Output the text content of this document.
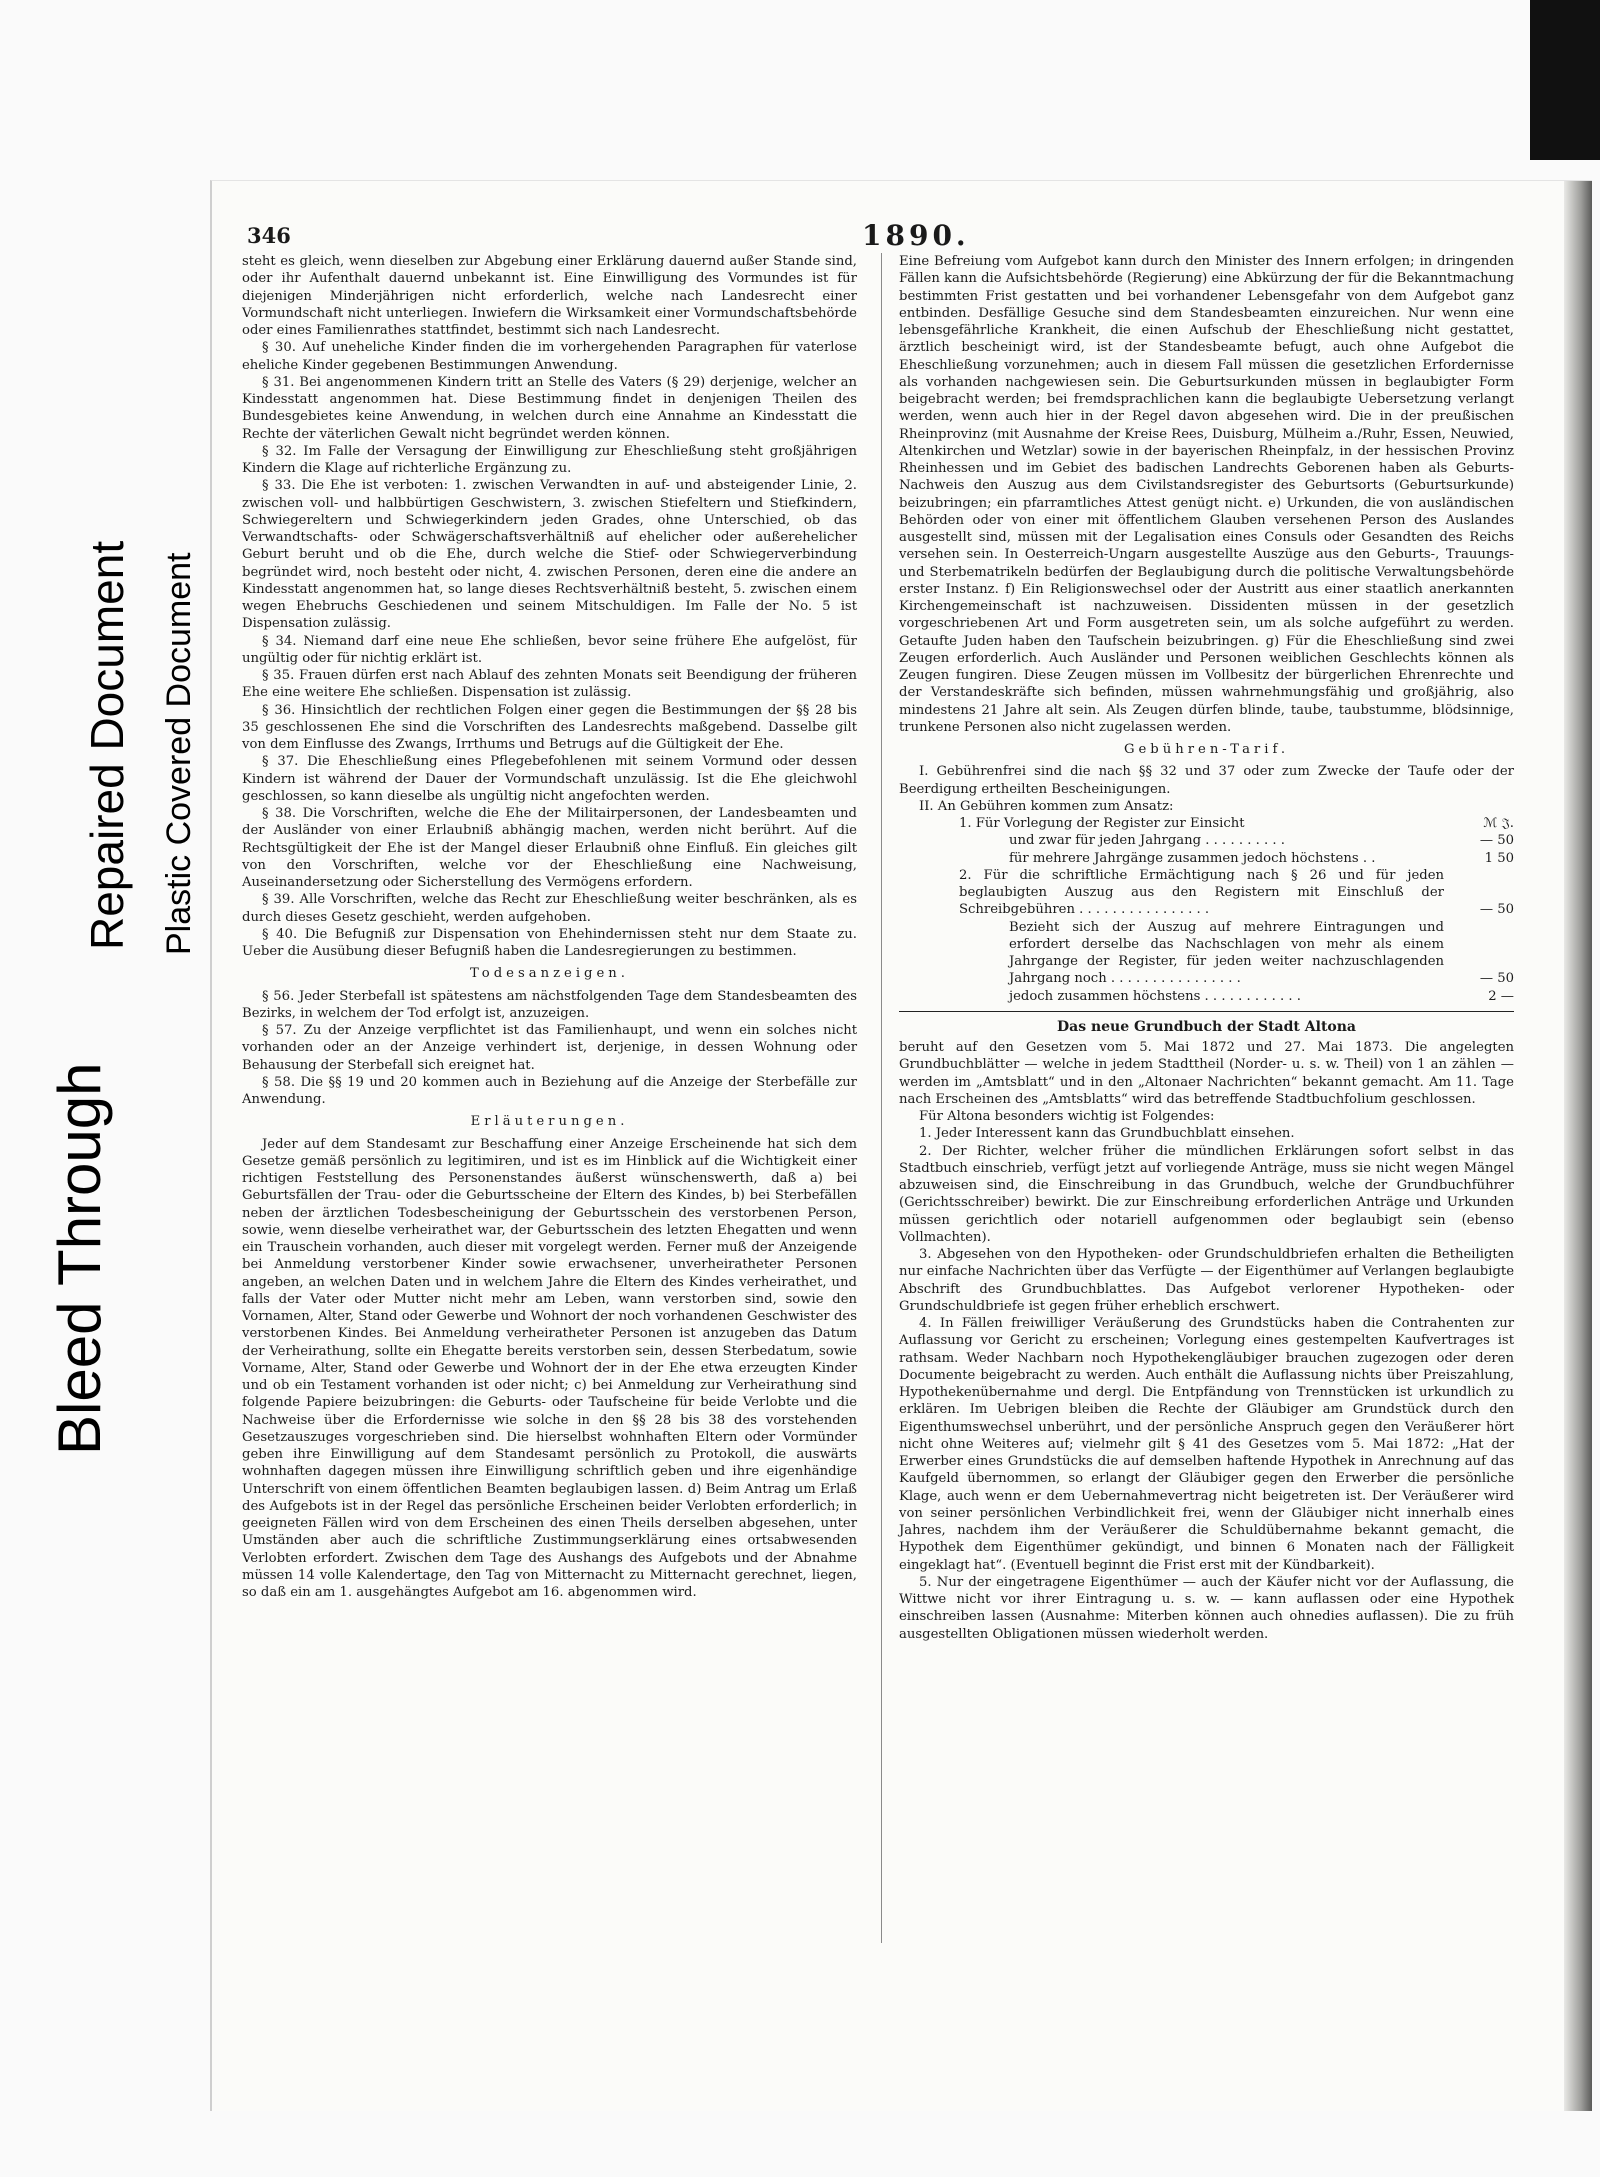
Bleed Through
Repaired Document Plastic Covered Document
346	1890.

steht es gleich, wenn dieselben zur Abgebung einer Erklärung dauernd außer Stande sind, oder ihr Aufenthalt dauernd unbekannt ist. Eine Einwilligung des Vormundes ist für diejenigen Minderjährigen nicht erforderlich, welche nach Landesrecht einer Vormundschaft nicht unterliegen. Inwiefern die Wirksamkeit einer Vormundschaftsbehörde oder eines Familienrathes stattfindet, bestimmt sich nach Landesrecht.

§ 30. Auf uneheliche Kinder finden die im vorhergehenden Paragraphen für vaterlose eheliche Kinder gegebenen Bestimmungen Anwendung.

§ 31. Bei angenommenen Kindern tritt an Stelle des Vaters (§ 29) derjenige, welcher an Kindesstatt angenommen hat. Diese Bestimmung findet in denjenigen Theilen des Bundesgebietes keine Anwendung, in welchen durch eine Annahme an Kindesstatt die Rechte der väterlichen Gewalt nicht begründet werden können.

§ 32. Im Falle der Versagung der Einwilligung zur Eheschließung steht großjährigen Kindern die Klage auf richterliche Ergänzung zu.

§ 33. Die Ehe ist verboten: 1. zwischen Verwandten in auf- und absteigender Linie, 2. zwischen voll- und halbbürtigen Geschwistern, 3. zwischen Stiefeltern und Stiefkindern, Schwiegereltern und Schwiegerkindern jeden Grades, ohne Unterschied, ob das Verwandtschafts- oder Schwägerschaftsverhältniß auf ehelicher oder außerehelicher Geburt beruht und ob die Ehe, durch welche die Stief- oder Schwiegerverbindung begründet wird, noch besteht oder nicht, 4. zwischen Personen, deren eine die andere an Kindesstatt angenommen hat, so lange dieses Rechtsverhältniß besteht, 5. zwischen einem wegen Ehebruchs Geschiedenen und seinem Mitschuldigen. Im Falle der No. 5 ist Dispensation zulässig.

§ 34. Niemand darf eine neue Ehe schließen, bevor seine frühere Ehe aufgelöst, für ungültig oder für nichtig erklärt ist.

§ 35. Frauen dürfen erst nach Ablauf des zehnten Monats seit Beendigung der früheren Ehe eine weitere Ehe schließen. Dispensation ist zulässig.

§ 36. Hinsichtlich der rechtlichen Folgen einer gegen die Bestimmungen der §§ 28 bis 35 geschlossenen Ehe sind die Vorschriften des Landesrechts maßgebend. Dasselbe gilt von dem Einflusse des Zwangs, Irrthums und Betrugs auf die Gültigkeit der Ehe.

§ 37. Die Eheschließung eines Pflegebefohlenen mit seinem Vormund oder dessen Kindern ist während der Dauer der Vormundschaft unzulässig. Ist die Ehe gleichwohl geschlossen, so kann dieselbe als ungültig nicht angefochten werden.

§ 38. Die Vorschriften, welche die Ehe der Militairpersonen, der Landesbeamten und der Ausländer von einer Erlaubniß abhängig machen, werden nicht berührt. Auf die Rechtsgültigkeit der Ehe ist der Mangel dieser Erlaubniß ohne Einfluß. Ein gleiches gilt von den Vorschriften, welche vor der Eheschließung eine Nachweisung, Auseinandersetzung oder Sicherstellung des Vermögens erfordern.

§ 39. Alle Vorschriften, welche das Recht zur Eheschließung weiter beschränken, als es durch dieses Gesetz geschieht, werden aufgehoben.

§ 40. Die Befugniß zur Dispensation von Ehehindernissen steht nur dem Staate zu. Ueber die Ausübung dieser Befugniß haben die Landesregierungen zu bestimmen.

Todesanzeigen.

§ 56. Jeder Sterbefall ist spätestens am nächstfolgenden Tage dem Standesbeamten des Bezirks, in welchem der Tod erfolgt ist, anzuzeigen.

§ 57. Zu der Anzeige verpflichtet ist das Familienhaupt, und wenn ein solches nicht vorhanden oder an der Anzeige verhindert ist, derjenige, in dessen Wohnung oder Behausung der Sterbefall sich ereignet hat.

§ 58. Die §§ 19 und 20 kommen auch in Beziehung auf die Anzeige der Sterbefälle zur Anwendung.

Erläuterungen.

Jeder auf dem Standesamt zur Beschaffung einer Anzeige Erscheinende hat sich dem Gesetze gemäß persönlich zu legitimiren, und ist es im Hinblick auf die Wichtigkeit einer richtigen Feststellung des Personenstandes äußerst wünschenswerth, daß a) bei Geburtsfällen der Trau- oder die Geburtsscheine der Eltern des Kindes, b) bei Sterbefällen neben der ärztlichen Todesbescheinigung der Geburtsschein des verstorbenen Person, sowie, wenn dieselbe verheirathet war, der Geburtsschein des letzten Ehegatten und wenn ein Trauschein vorhanden, auch dieser mit vorgelegt werden. Ferner muß der Anzeigende bei Anmeldung verstorbener Kinder sowie erwachsener, unverheiratheter Personen angeben, an welchen Daten und in welchem Jahre die Eltern des Kindes verheirathet, und falls der Vater oder Mutter nicht mehr am Leben, wann verstorben sind, sowie den Vornamen, Alter, Stand oder Gewerbe und Wohnort der noch vorhandenen Geschwister des verstorbenen Kindes. Bei Anmeldung verheiratheter Personen ist anzugeben das Datum der Verheirathung, sollte ein Ehegatte bereits verstorben sein, dessen Sterbedatum, sowie Vorname, Alter, Stand oder Gewerbe und Wohnort der in der Ehe etwa erzeugten Kinder und ob ein Testament vorhanden ist oder nicht; c) bei Anmeldung zur Verheirathung sind folgende Papiere beizubringen: die Geburts- oder Taufscheine für beide Verlobte und die Nachweise über die Erfordernisse wie solche in den §§ 28 bis 38 des vorstehenden Gesetzauszuges vorgeschrieben sind. Die hierselbst wohnhaften Eltern oder Vormünder geben ihre Einwilligung auf dem Standesamt persönlich zu Protokoll, die auswärts wohnhaften dagegen müssen ihre Einwilligung schriftlich geben und ihre eigenhändige Unterschrift von einem öffentlichen Beamten beglaubigen lassen. d) Beim Antrag um Erlaß des Aufgebots ist in der Regel das persönliche Erscheinen beider Verlobten erforderlich; in geeigneten Fällen wird von dem Erscheinen des einen Theils derselben abgesehen, unter Umständen aber auch die schriftliche Zustimmungserklärung eines ortsabwesenden Verlobten erfordert. Zwischen dem Tage des Aushangs des Aufgebots und der Abnahme müssen 14 volle Kalendertage, den Tag von Mitternacht zu Mitternacht gerechnet, liegen, so daß ein am 1. ausgehängtes Aufgebot am 16. abgenommen wird.

Eine Befreiung vom Aufgebot kann durch den Minister des Innern erfolgen; in dringenden Fällen kann die Aufsichtsbehörde (Regierung) eine Abkürzung der für die Bekanntmachung bestimmten Frist gestatten und bei vorhandener Lebensgefahr von dem Aufgebot ganz entbinden. Desfällige Gesuche sind dem Standesbeamten einzureichen. Nur wenn eine lebensgefährliche Krankheit, die einen Aufschub der Eheschließung nicht gestattet, ärztlich bescheinigt wird, ist der Standesbeamte befugt, auch ohne Aufgebot die Eheschließung vorzunehmen; auch in diesem Fall müssen die gesetzlichen Erfordernisse als vorhanden nachgewiesen sein. Die Geburtsurkunden müssen in beglaubigter Form beigebracht werden; bei fremdsprachlichen kann die beglaubigte Uebersetzung verlangt werden, wenn auch hier in der Regel davon abgesehen wird. Die in der preußischen Rheinprovinz (mit Ausnahme der Kreise Rees, Duisburg, Mülheim a./Ruhr, Essen, Neuwied, Altenkirchen und Wetzlar) sowie in der bayerischen Rheinpfalz, in der hessischen Provinz Rheinhessen und im Gebiet des badischen Landrechts Geborenen haben als Geburts-Nachweis den Auszug aus dem Civilstandsregister des Geburtsorts (Geburtsurkunde) beizubringen; ein pfarramtliches Attest genügt nicht. e) Urkunden, die von ausländischen Behörden oder von einer mit öffentlichem Glauben versehenen Person des Auslandes ausgestellt sind, müssen mit der Legalisation eines Consuls oder Gesandten des Reichs versehen sein. In Oesterreich-Ungarn ausgestellte Auszüge aus den Geburts-, Trauungs- und Sterbematrikeln bedürfen der Beglaubigung durch die politische Verwaltungsbehörde erster Instanz. f) Ein Religionswechsel oder der Austritt aus einer staatlich anerkannten Kirchengemeinschaft ist nachzuweisen. Dissidenten müssen in der gesetzlich vorgeschriebenen Art und Form ausgetreten sein, um als solche aufgeführt zu werden. Getaufte Juden haben den Taufschein beizubringen. g) Für die Eheschließung sind zwei Zeugen erforderlich. Auch Ausländer und Personen weiblichen Geschlechts können als Zeugen fungiren. Diese Zeugen müssen im Vollbesitz der bürgerlichen Ehrenrechte und der Verstandeskräfte sich befinden, müssen wahrnehmungsfähig und großjährig, also mindestens 21 Jahre alt sein. Als Zeugen dürfen blinde, taube, taubstumme, blödsinnige, trunkene Personen also nicht zugelassen werden.

Gebühren-Tarif.

I. Gebührenfrei sind die nach §§ 32 und 37 oder zum Zwecke der Taufe oder der Beerdigung ertheilten Bescheinigungen.

II. An Gebühren kommen zum Ansatz:

1. Für Vorlegung der Register zur Einsicht	ℳ 𝔍.
und zwar für jeden Jahrgang . . . . . . . . . .	— 50
für mehrere Jahrgänge zusammen jedoch höchstens . .	1 50
2. Für die schriftliche Ermächtigung nach § 26 und für jeden beglaubigten Auszug aus den Registern mit Einschluß der Schreibgebühren . . . . . . . . . . . . . . . .	— 50
Bezieht sich der Auszug auf mehrere Eintragungen und erfordert derselbe das Nachschlagen von mehr als einem Jahrgange der Register, für jeden weiter nachzuschlagenden Jahrgang noch . . . . . . . . . . . . . . . .	— 50
jedoch zusammen höchstens . . . . . . . . . . . .	2 —

Das neue Grundbuch der Stadt Altona

beruht auf den Gesetzen vom 5. Mai 1872 und 27. Mai 1873. Die angelegten Grundbuchblätter — welche in jedem Stadttheil (Norder- u. s. w. Theil) von 1 an zählen — werden im „Amtsblatt“ und in den „Altonaer Nachrichten“ bekannt gemacht. Am 11. Tage nach Erscheinen des „Amtsblatts“ wird das betreffende Stadtbuchfolium geschlossen.

Für Altona besonders wichtig ist Folgendes:

1. Jeder Interessent kann das Grundbuchblatt einsehen.

2. Der Richter, welcher früher die mündlichen Erklärungen sofort selbst in das Stadtbuch einschrieb, verfügt jetzt auf vorliegende Anträge, muss sie nicht wegen Mängel abzuweisen sind, die Einschreibung in das Grundbuch, welche der Grundbuchführer (Gerichtsschreiber) bewirkt. Die zur Einschreibung erforderlichen Anträge und Urkunden müssen gerichtlich oder notariell aufgenommen oder beglaubigt sein (ebenso Vollmachten).

3. Abgesehen von den Hypotheken- oder Grundschuldbriefen erhalten die Betheiligten nur einfache Nachrichten über das Verfügte — der Eigenthümer auf Verlangen beglaubigte Abschrift des Grundbuchblattes. Das Aufgebot verlorener Hypotheken- oder Grundschuldbriefe ist gegen früher erheblich erschwert.

4. In Fällen freiwilliger Veräußerung des Grundstücks haben die Contrahenten zur Auflassung vor Gericht zu erscheinen; Vorlegung eines gestempelten Kaufvertrages ist rathsam. Weder Nachbarn noch Hypothekengläubiger brauchen zugezogen oder deren Documente beigebracht zu werden. Auch enthält die Auflassung nichts über Preiszahlung, Hypothekenübernahme und dergl. Die Entpfändung von Trennstücken ist urkundlich zu erklären. Im Uebrigen bleiben die Rechte der Gläubiger am Grundstück durch den Eigenthumswechsel unberührt, und der persönliche Anspruch gegen den Veräußerer hört nicht ohne Weiteres auf; vielmehr gilt § 41 des Gesetzes vom 5. Mai 1872: „Hat der Erwerber eines Grundstücks die auf demselben haftende Hypothek in Anrechnung auf das Kaufgeld übernommen, so erlangt der Gläubiger gegen den Erwerber die persönliche Klage, auch wenn er dem Uebernahmevertrag nicht beigetreten ist. Der Veräußerer wird von seiner persönlichen Verbindlichkeit frei, wenn der Gläubiger nicht innerhalb eines Jahres, nachdem ihm der Veräußerer die Schuldübernahme bekannt gemacht, die Hypothek dem Eigenthümer gekündigt, und binnen 6 Monaten nach der Fälligkeit eingeklagt hat“. (Eventuell beginnt die Frist erst mit der Kündbarkeit).

5. Nur der eingetragene Eigenthümer — auch der Käufer nicht vor der Auflassung, die Wittwe nicht vor ihrer Eintragung u. s. w. — kann auflassen oder eine Hypothek einschreiben lassen (Ausnahme: Miterben können auch ohnedies auflassen). Die zu früh ausgestellten Obligationen müssen wiederholt werden.
